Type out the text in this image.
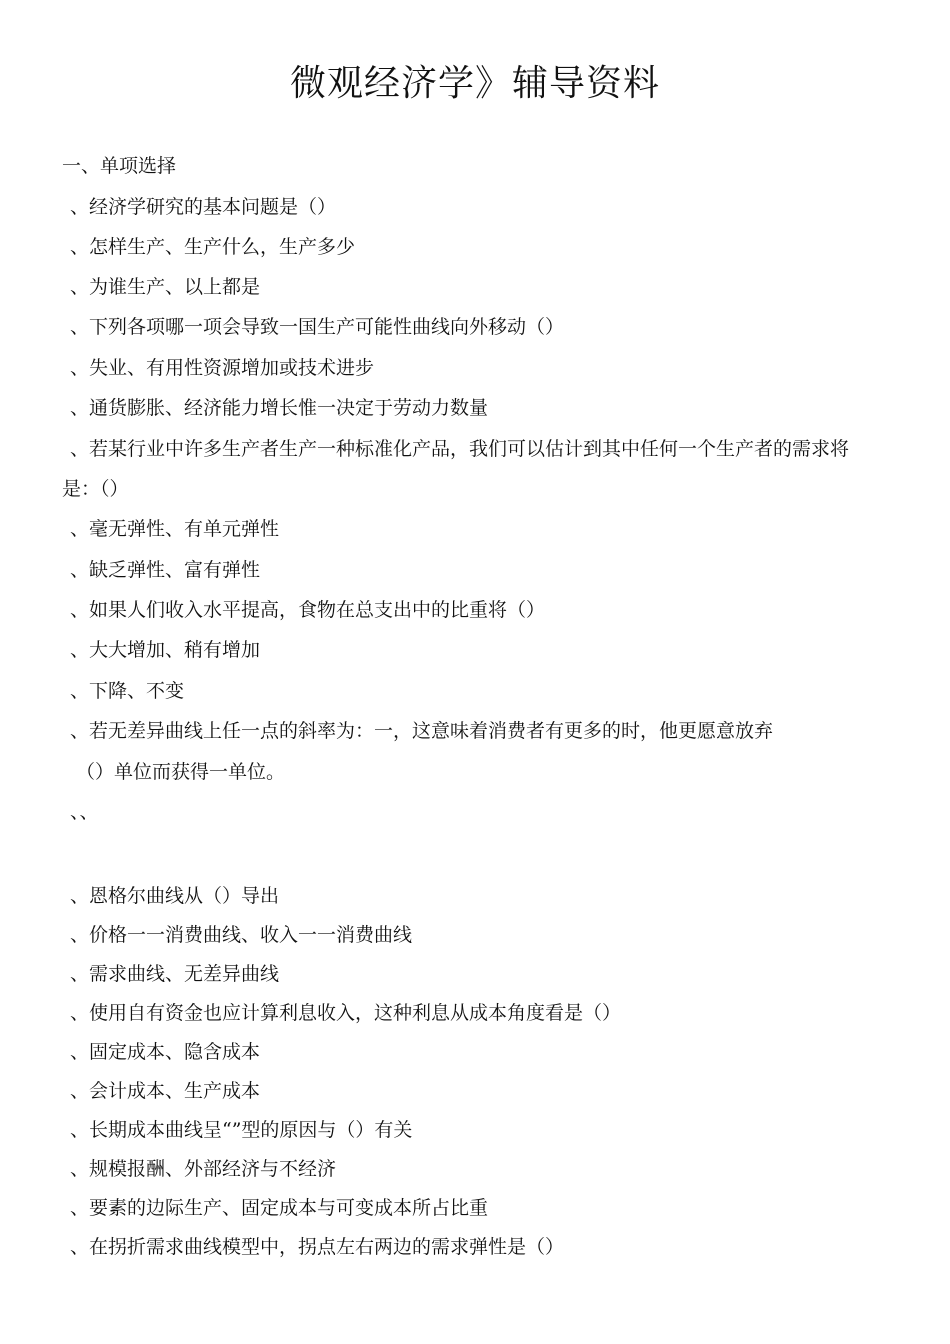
微观经济学》辅导资料
一、单项选择
、经济学研究的基本问题是（）
、怎样生产、生产什么，生产多少
、为谁生产、以上都是
、下列各项哪一项会导致一国生产可能性曲线向外移动（）
、失业、有用性资源增加或技术进步
、通货膨胀、经济能力增长惟一决定于劳动力数量
、若某行业中许多生产者生产一种标准化产品，我们可以估计到其中任何一个生产者的需求将
是：（）
、毫无弹性、有单元弹性
、缺乏弹性、富有弹性
、如果人们收入水平提高，食物在总支出中的比重将（）
、大大增加、稍有增加
、下降、不变
、若无差异曲线上任一点的斜率为：一，这意味着消费者有更多的时，他更愿意放弃
（）单位而获得一单位。
、、
、恩格尔曲线从（）导出
、价格一一消费曲线、收入一一消费曲线
、需求曲线、无差异曲线
、使用自有资金也应计算利息收入，这种利息从成本角度看是（）
、固定成本、隐含成本
、会计成本、生产成本
、长期成本曲线呈“”型的原因与（）有关
、规模报酬、外部经济与不经济
、要素的边际生产、固定成本与可变成本所占比重
、在拐折需求曲线模型中，拐点左右两边的需求弹性是（）
